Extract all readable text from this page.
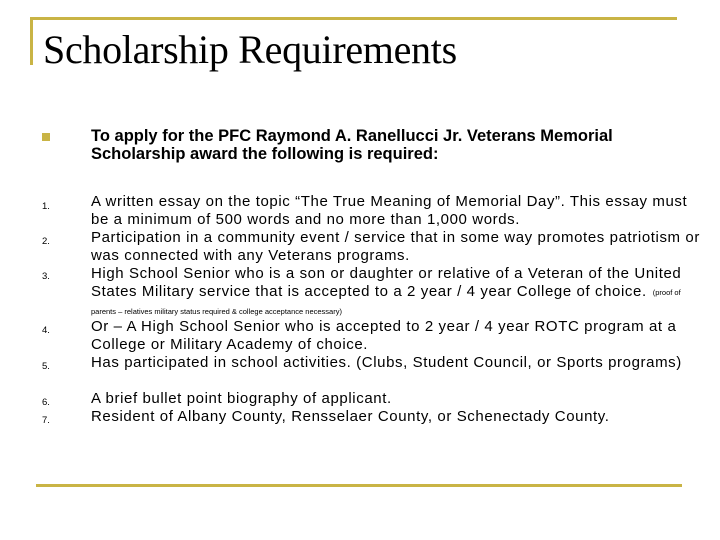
Scholarship Requirements
To apply for the PFC Raymond A. Ranellucci Jr. Veterans Memorial Scholarship award the following is required:
1.	A written essay on the topic “The True Meaning of Memorial Day”. This essay must be a minimum of 500 words and no more than 1,000 words.
2.	Participation in a community event / service that in some way promotes patriotism or was connected with any Veterans programs.
3.	High School Senior who is a son or daughter or relative of a Veteran of the United States Military service that is accepted to a 2 year / 4 year College of choice. (proof of parents – relatives military status required & college acceptance necessary)
4.	Or – A High School Senior who is accepted to 2 year / 4 year ROTC program at a College or Military Academy of choice.
5.	Has participated in school activities. (Clubs, Student Council, or Sports programs)
6.	A brief bullet point biography of applicant.
7.	Resident of Albany County, Rensselaer County, or Schenectady County.
